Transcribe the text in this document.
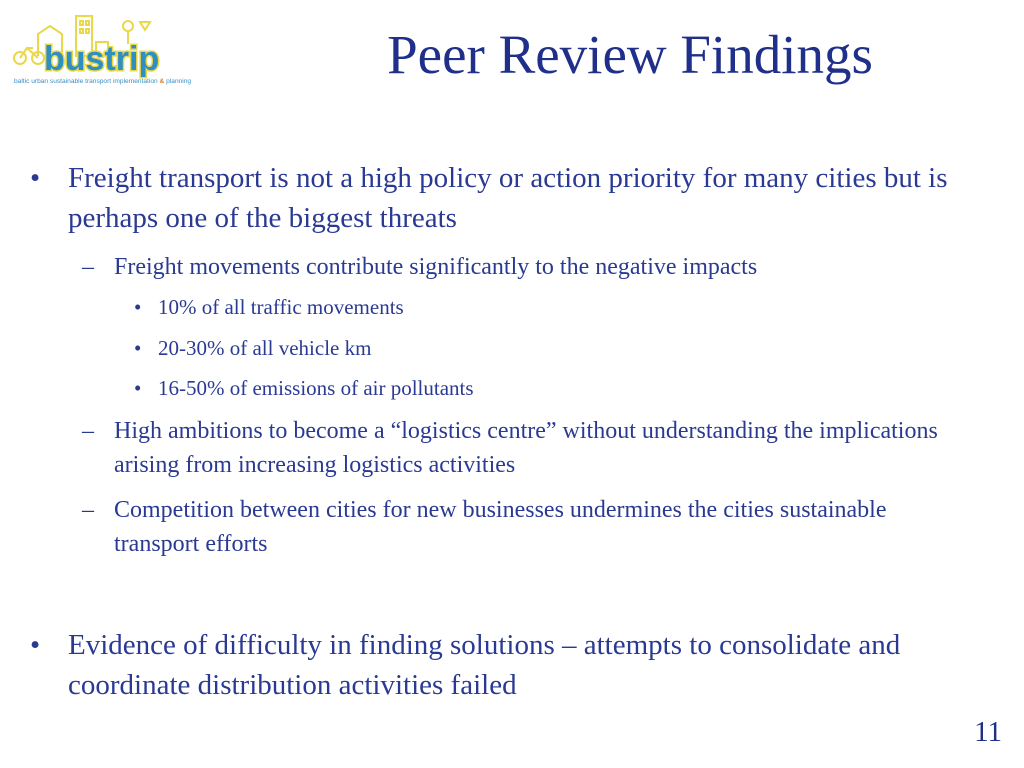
bustrip
baltic urban sustainable transport implementation & planning	Peer Review Findings
• Freight transport is not a high policy or action priority for many cities but is perhaps one of the biggest threats
– Freight movements contribute significantly to the negative impacts
• 10% of all traffic movements
• 20-30% of all vehicle km
• 16-50% of emissions of air pollutants
– High ambitions to become a “logistics centre” without understanding the implications arising from increasing logistics activities
– Competition between cities for new businesses undermines the cities sustainable transport efforts
• Evidence of difficulty in finding solutions – attempts to consolidate and coordinate distribution activities failed
11
